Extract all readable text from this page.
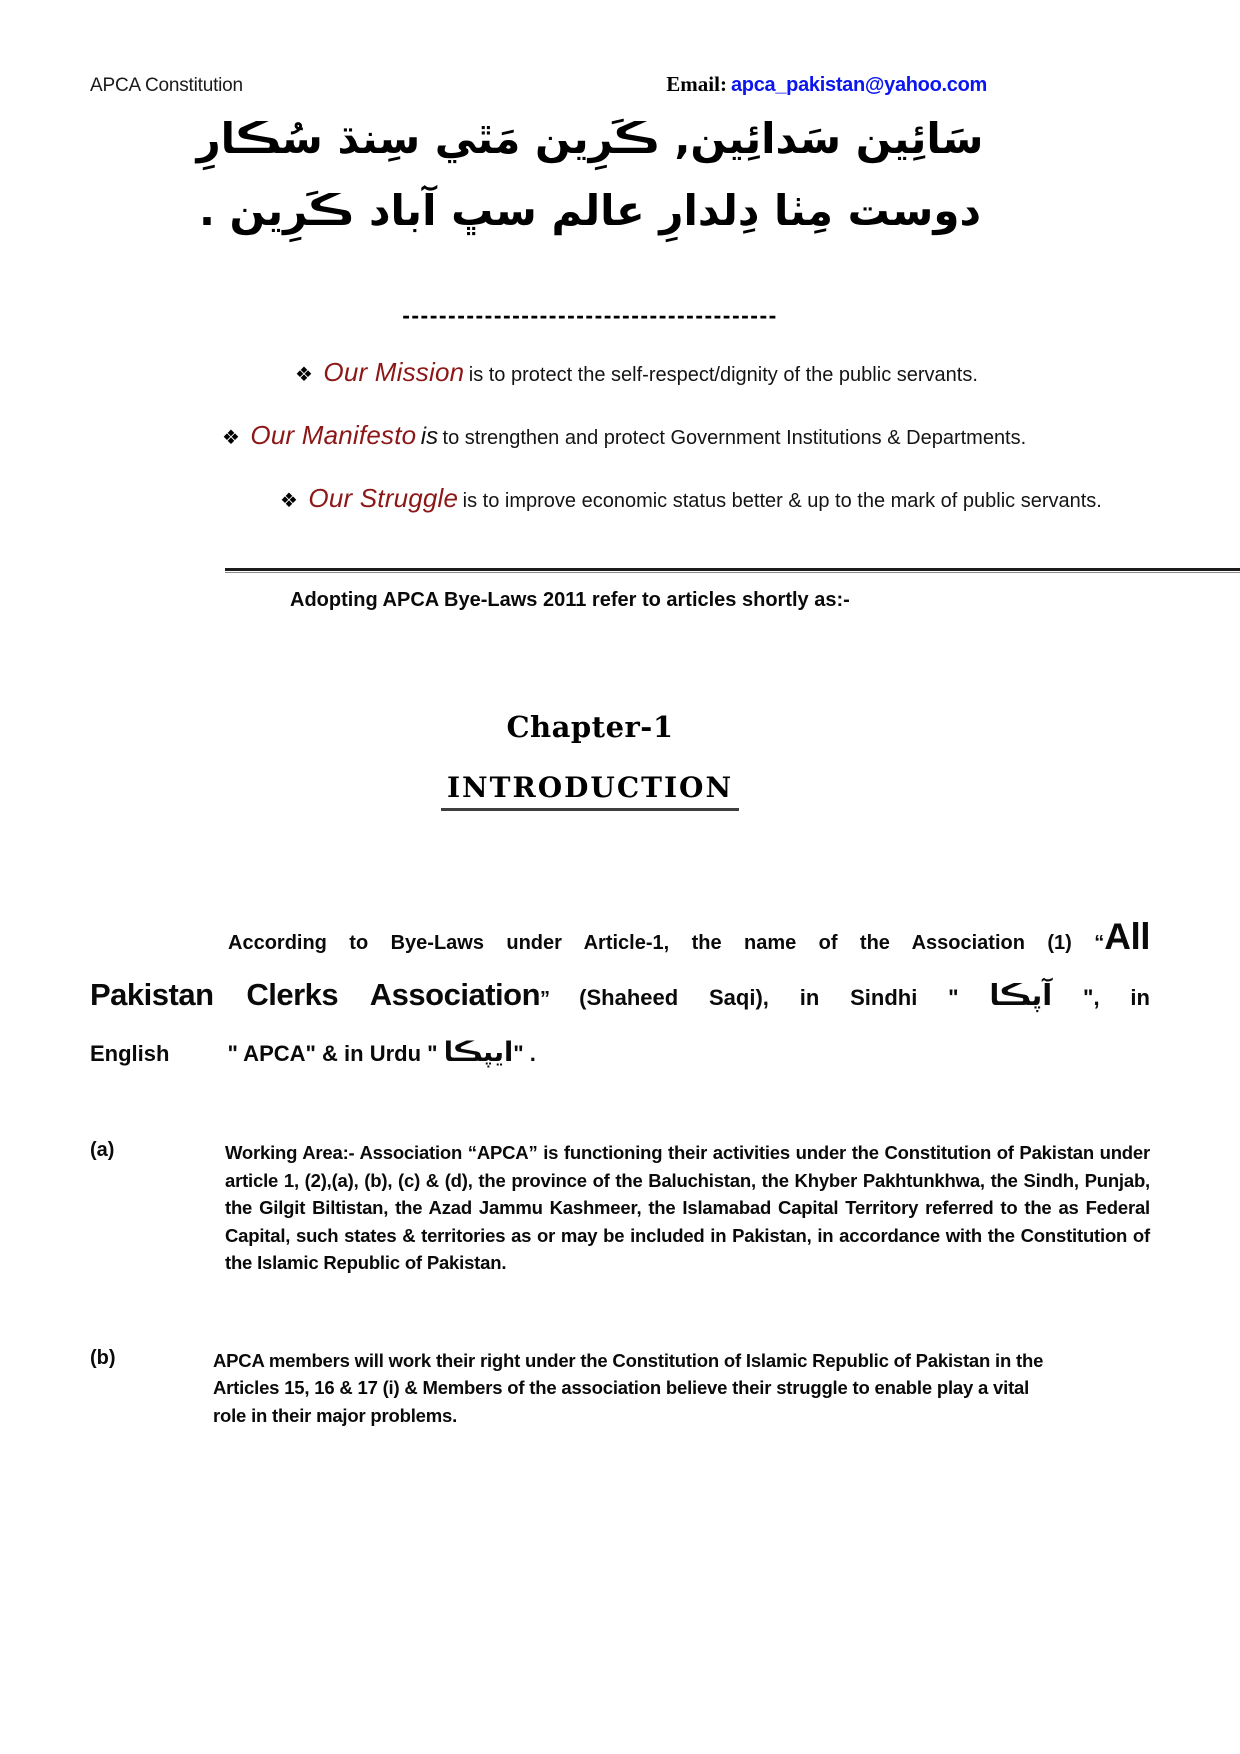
APCA Constitution	Email: apca_pakistan@yahoo.com
سَائِين سَدائِين, ڪَرِين مَٿي سِنڌ سُڪارِ
دوست مِٺا دِلدارِ عالم سڀ آباد ڪَرِين .
-----------------------------------------
❖ Our Mission is to protect the self-respect/dignity of the public servants.
❖ Our Manifesto is to strengthen and protect Government Institutions & Departments.
❖ Our Struggle is to improve economic status better & up to the mark of public servants.
Adopting APCA Bye-Laws 2011 refer to articles shortly as:-
Chapter-1
INTRODUCTION
According to Bye-Laws under Article-1, the name of the Association (1) “All
Pakistan Clerks Association” (Shaheed Saqi), in Sindhi " آپڪا ", in
English	" APCA" & in Urdu " ايپڪا" .
(a)	Working Area:- Association “APCA” is functioning their activities under the Constitution of Pakistan under article 1, (2),(a), (b), (c) & (d), the province of the Baluchistan, the Khyber Pakhtunkhwa, the Sindh, Punjab, the Gilgit Biltistan, the Azad Jammu Kashmeer, the Islamabad Capital Territory referred to the as Federal Capital, such states & territories as or may be included in Pakistan, in accordance with the Constitution of the Islamic Republic of Pakistan.
(b)	APCA members will work their right under the Constitution of Islamic Republic of Pakistan in the Articles 15, 16 & 17 (i) & Members of the association believe their struggle to enable play a vital role in their major problems.
